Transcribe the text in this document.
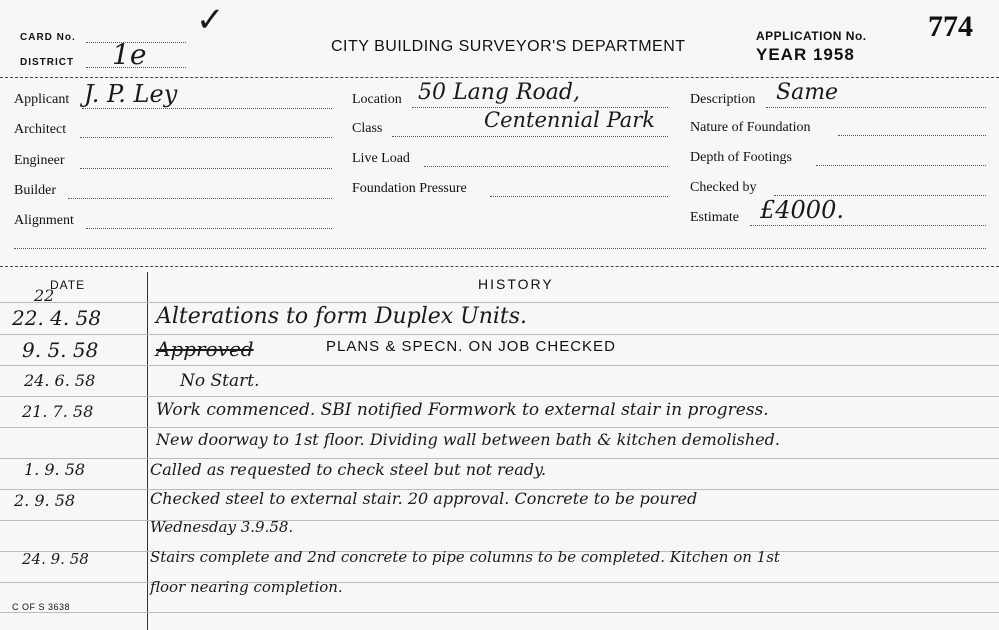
CARD No.	✓
DISTRICT 1e	CITY BUILDING SURVEYOR'S DEPARTMENT
APPLICATION No. 774
YEAR 1958
Applicant J. P. Ley
Architect
Engineer
Builder
Alignment
Location 50 Lang Road,
Class	Centennial Park
Live Load
Foundation Pressure
Description Same
Nature of Foundation
Depth of Footings
Checked by
Estimate £4000.
DATE	HISTORY
22
22. 4. 58 Alterations to form Duplex Units.
9. 5. 58	Approved	PLANS & SPECN. ON JOB CHECKED
24. 6. 58	No Start.
21. 7. 58	Work commenced. SBI notified Formwork to external stair in progress.
New doorway to 1st floor. Dividing wall between bath & kitchen demolished.
1. 9. 58	Called as requested to check steel but not ready.
2. 9. 58	Checked steel to external stair. 20 approval. Concrete to be poured
Wednesday 3.9.58.
24. 9. 58	Stairs complete and 2nd concrete to pipe columns to be completed. Kitchen on 1st
floor nearing completion.
C OF S 3638
